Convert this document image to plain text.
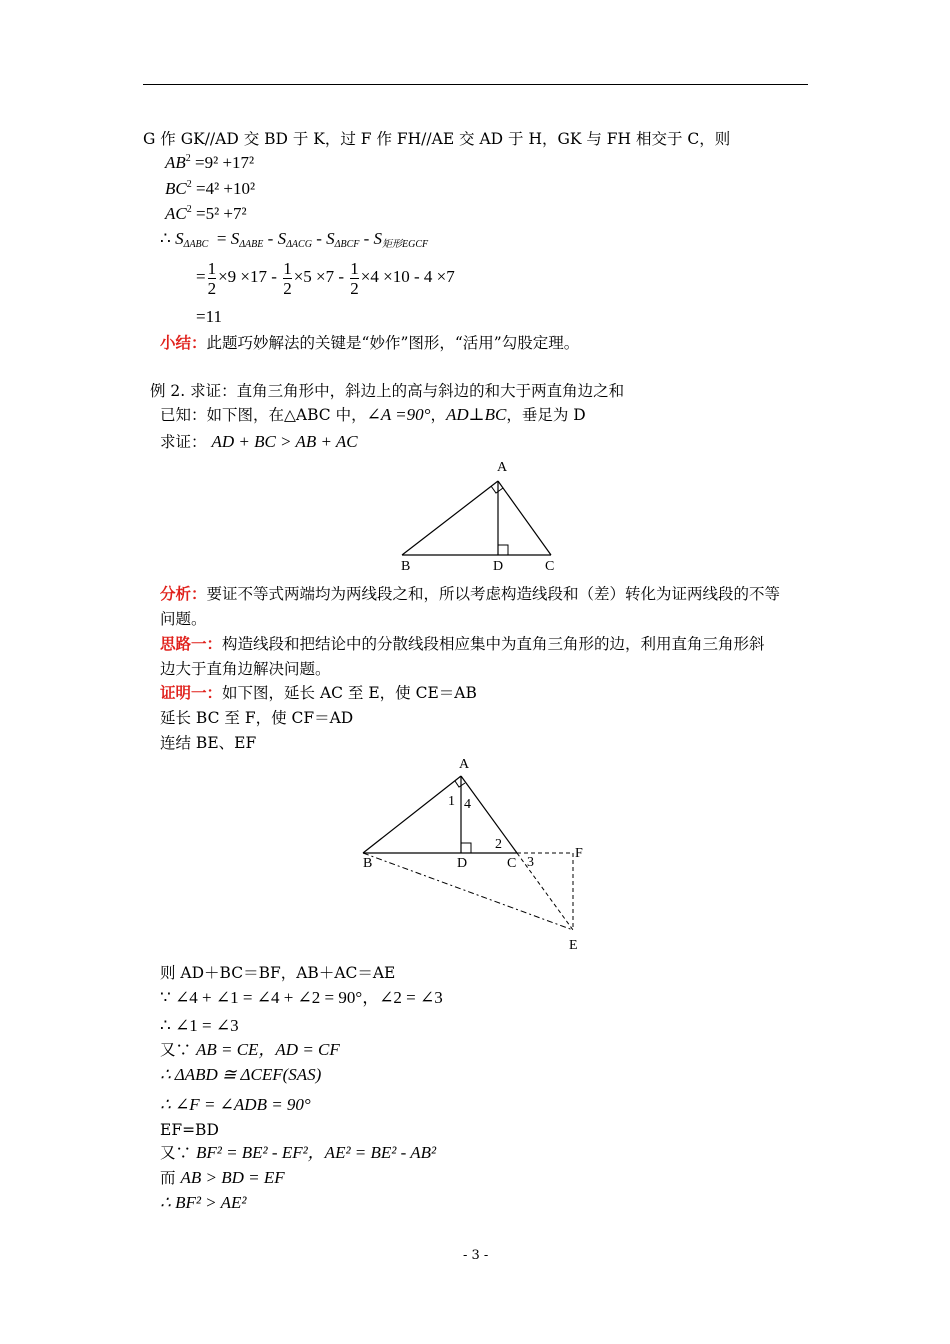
G 作 GK//AD 交 BD 于 K，过 F 作 FH//AE 交 AD 于 H，GK 与 FH 相交于 C，则
$AB^2 =9^2 +17^2$
$BC^2 =4^2 +10^2$
$AC^2 =5^2 +7^2$
∴ $S_{\Delta ABC} = S_{\Delta ABE} - S_{\Delta ACG} - S_{\Delta BCF} - S_{矩形EGCF}$
= $\frac{1}{2} \times 9 \times 17 - \frac{1}{2} \times 5 \times 7 - \frac{1}{2} \times 4 \times 10 - 4 \times 7$
=11
小结：此题巧妙解法的关键是“妙作”图形，“活用”勾股定理。
例 2. 求证：直角三角形中，斜边上的高与斜边的和大于两直角边之和
已知：如下图，在△ABC 中，∠A =90°，AD⊥BC，垂足为 D
求证： AD + BC > AB + AC
A
B	D	C
分析：要证不等式两端均为两线段之和，所以考虑构造线段和（差）转化为证两线段的不等
问题。
思路一：构造线段和把结论中的分散线段相应集中为直角三角形的边，利用直角三角形斜
边大于直角边解决问题。
证明一：如下图，延长 AC 至 E，使 CE＝AB
延长 BC 至 F，使 CF＝AD
连结 BE、EF
A
B	D	C
F
E
1 4
2
3
则 AD＋BC＝BF，AB＋AC＝AE
∵ ∠4 + ∠1 = ∠4 + ∠2 = 90°，∠2 = ∠3
∴ ∠1 = ∠3
又∵ AB = CE，AD = CF
∴ ΔABD ≅ ΔCEF(SAS)
∴ ∠F = ∠ADB = 90°
EF=BD
又∵ BF² = BE² - EF²，AE² = BE² - AB²
而 AB > BD = EF
∴ BF² > AE²
- 3 -
